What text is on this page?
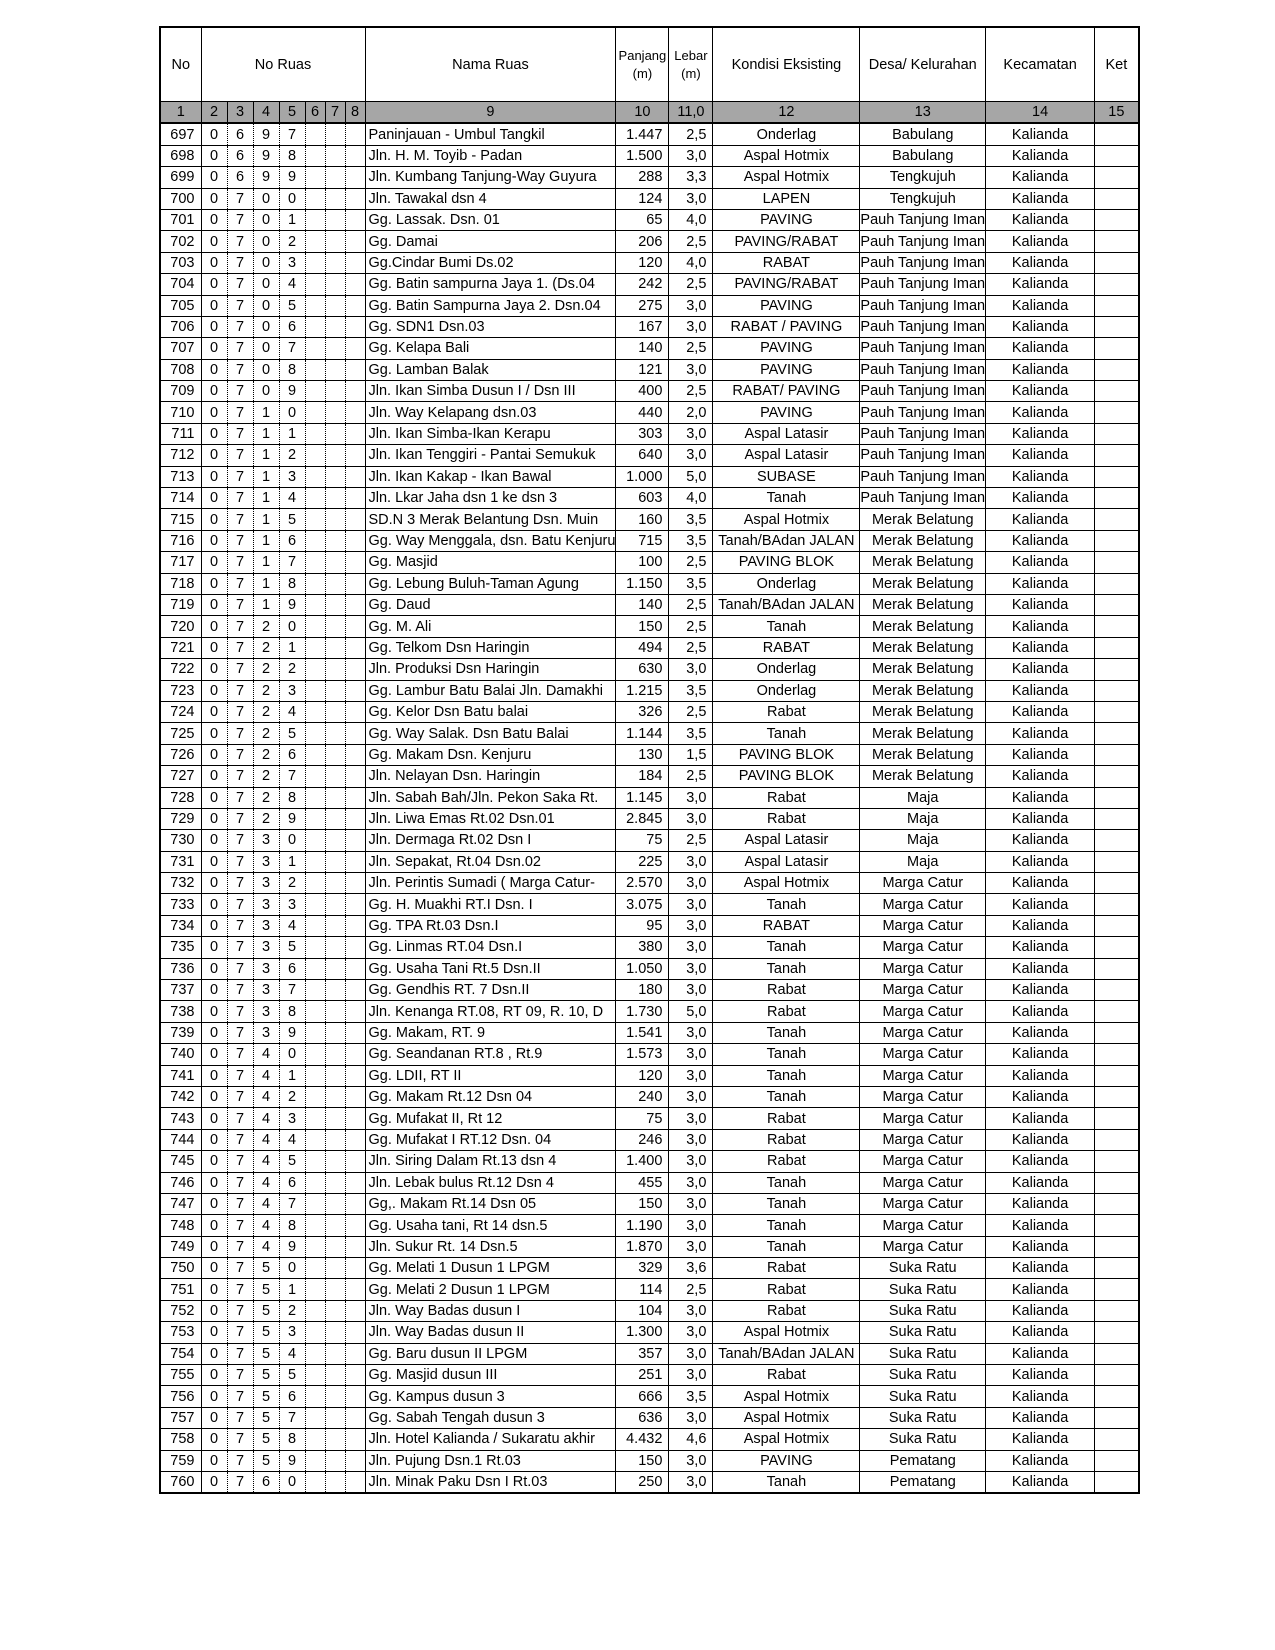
No	No Ruas							Nama Ruas	Panjang (m)	Lebar (m)	Kondisi Eksisting	Desa/ Kelurahan	Kecamatan	Ket
1	2	3	4	5	6	7	8	9	10	11,0	12	13	14	15
697	0	6	9	7				Paninjauan - Umbul Tangkil	1.447	2,5	Onderlag	Babulang	Kalianda	
698	0	6	9	8				Jln. H. M. Toyib - Padan	1.500	3,0	Aspal Hotmix	Babulang	Kalianda	
699	0	6	9	9				Jln. Kumbang Tanjung-Way Guyura	288	3,3	Aspal Hotmix	Tengkujuh	Kalianda	
700	0	7	0	0				Jln. Tawakal dsn 4	124	3,0	LAPEN	Tengkujuh	Kalianda	
701	0	7	0	1				Gg. Lassak. Dsn. 01	65	4,0	PAVING	Pauh Tanjung Iman	Kalianda	
702	0	7	0	2				Gg. Damai	206	2,5	PAVING/RABAT	Pauh Tanjung Iman	Kalianda	
703	0	7	0	3				Gg.Cindar Bumi Ds.02	120	4,0	RABAT	Pauh Tanjung Iman	Kalianda	
704	0	7	0	4				Gg. Batin sampurna Jaya 1. (Ds.04	242	2,5	PAVING/RABAT	Pauh Tanjung Iman	Kalianda	
705	0	7	0	5				Gg. Batin Sampurna Jaya 2. Dsn.04	275	3,0	PAVING	Pauh Tanjung Iman	Kalianda	
706	0	7	0	6				Gg. SDN1 Dsn.03	167	3,0	RABAT / PAVING	Pauh Tanjung Iman	Kalianda	
707	0	7	0	7				Gg. Kelapa Bali	140	2,5	PAVING	Pauh Tanjung Iman	Kalianda	
708	0	7	0	8				Gg. Lamban Balak	121	3,0	PAVING	Pauh Tanjung Iman	Kalianda	
709	0	7	0	9				Jln. Ikan Simba Dusun I / Dsn III	400	2,5	RABAT/ PAVING	Pauh Tanjung Iman	Kalianda	
710	0	7	1	0				Jln. Way Kelapang dsn.03	440	2,0	PAVING	Pauh Tanjung Iman	Kalianda	
711	0	7	1	1				Jln. Ikan Simba-Ikan Kerapu	303	3,0	Aspal Latasir	Pauh Tanjung Iman	Kalianda	
712	0	7	1	2				Jln. Ikan Tenggiri - Pantai Semukuk	640	3,0	Aspal Latasir	Pauh Tanjung Iman	Kalianda	
713	0	7	1	3				Jln. Ikan Kakap - Ikan Bawal	1.000	5,0	SUBASE	Pauh Tanjung Iman	Kalianda	
714	0	7	1	4				Jln. Lkar Jaha dsn 1 ke dsn 3	603	4,0	Tanah	Pauh Tanjung Iman	Kalianda	
715	0	7	1	5				SD.N 3 Merak Belantung Dsn. Muin	160	3,5	Aspal Hotmix	Merak Belatung	Kalianda	
716	0	7	1	6				Gg. Way Menggala, dsn. Batu Kenjuru	715	3,5	Tanah/BAdan JALAN	Merak Belatung	Kalianda	
717	0	7	1	7				Gg. Masjid	100	2,5	PAVING BLOK	Merak Belatung	Kalianda	
718	0	7	1	8				Gg. Lebung Buluh-Taman Agung	1.150	3,5	Onderlag	Merak Belatung	Kalianda	
719	0	7	1	9				Gg. Daud	140	2,5	Tanah/BAdan JALAN	Merak Belatung	Kalianda	
720	0	7	2	0				Gg. M. Ali	150	2,5	Tanah	Merak Belatung	Kalianda	
721	0	7	2	1				Gg. Telkom Dsn Haringin	494	2,5	RABAT	Merak Belatung	Kalianda	
722	0	7	2	2				Jln. Produksi Dsn Haringin	630	3,0	Onderlag	Merak Belatung	Kalianda	
723	0	7	2	3				Gg. Lambur Batu Balai Jln. Damakhi	1.215	3,5	Onderlag	Merak Belatung	Kalianda	
724	0	7	2	4				Gg. Kelor Dsn Batu balai	326	2,5	Rabat	Merak Belatung	Kalianda	
725	0	7	2	5				Gg. Way Salak. Dsn Batu Balai	1.144	3,5	Tanah	Merak Belatung	Kalianda	
726	0	7	2	6				Gg. Makam Dsn. Kenjuru	130	1,5	PAVING BLOK	Merak Belatung	Kalianda	
727	0	7	2	7				Jln. Nelayan Dsn. Haringin	184	2,5	PAVING BLOK	Merak Belatung	Kalianda	
728	0	7	2	8				Jln. Sabah Bah/Jln. Pekon Saka Rt.	1.145	3,0	Rabat	Maja	Kalianda	
729	0	7	2	9				Jln. Liwa Emas Rt.02 Dsn.01	2.845	3,0	Rabat	Maja	Kalianda	
730	0	7	3	0				Jln. Dermaga Rt.02 Dsn I	75	2,5	Aspal Latasir	Maja	Kalianda	
731	0	7	3	1				Jln. Sepakat, Rt.04 Dsn.02	225	3,0	Aspal Latasir	Maja	Kalianda	
732	0	7	3	2				Jln. Perintis Sumadi ( Marga Catur-	2.570	3,0	Aspal Hotmix	Marga Catur	Kalianda	
733	0	7	3	3				Gg. H. Muakhi RT.I Dsn. I	3.075	3,0	Tanah	Marga Catur	Kalianda	
734	0	7	3	4				Gg. TPA Rt.03 Dsn.I	95	3,0	RABAT	Marga Catur	Kalianda	
735	0	7	3	5				Gg. Linmas RT.04 Dsn.I	380	3,0	Tanah	Marga Catur	Kalianda	
736	0	7	3	6				Gg. Usaha Tani Rt.5 Dsn.II	1.050	3,0	Tanah	Marga Catur	Kalianda	
737	0	7	3	7				Gg. Gendhis RT. 7 Dsn.II	180	3,0	Rabat	Marga Catur	Kalianda	
738	0	7	3	8				Jln. Kenanga RT.08, RT 09, R. 10, D	1.730	5,0	Rabat	Marga Catur	Kalianda	
739	0	7	3	9				Gg. Makam, RT. 9	1.541	3,0	Tanah	Marga Catur	Kalianda	
740	0	7	4	0				Gg. Seandanan RT.8 , Rt.9	1.573	3,0	Tanah	Marga Catur	Kalianda	
741	0	7	4	1				Gg. LDII, RT II	120	3,0	Tanah	Marga Catur	Kalianda	
742	0	7	4	2				Gg. Makam Rt.12 Dsn 04	240	3,0	Tanah	Marga Catur	Kalianda	
743	0	7	4	3				Gg. Mufakat II, Rt 12	75	3,0	Rabat	Marga Catur	Kalianda	
744	0	7	4	4				Gg. Mufakat I RT.12 Dsn. 04	246	3,0	Rabat	Marga Catur	Kalianda	
745	0	7	4	5				Jln. Siring Dalam Rt.13 dsn 4	1.400	3,0	Rabat	Marga Catur	Kalianda	
746	0	7	4	6				Jln. Lebak bulus Rt.12 Dsn 4	455	3,0	Tanah	Marga Catur	Kalianda	
747	0	7	4	7				Gg,. Makam Rt.14 Dsn 05	150	3,0	Tanah	Marga Catur	Kalianda	
748	0	7	4	8				Gg. Usaha tani, Rt 14 dsn.5	1.190	3,0	Tanah	Marga Catur	Kalianda	
749	0	7	4	9				Jln. Sukur Rt. 14 Dsn.5	1.870	3,0	Tanah	Marga Catur	Kalianda	
750	0	7	5	0				Gg. Melati 1 Dusun 1 LPGM	329	3,6	Rabat	Suka Ratu	Kalianda	
751	0	7	5	1				Gg. Melati 2 Dusun 1 LPGM	114	2,5	Rabat	Suka Ratu	Kalianda	
752	0	7	5	2				Jln. Way Badas dusun I	104	3,0	Rabat	Suka Ratu	Kalianda	
753	0	7	5	3				Jln. Way Badas dusun II	1.300	3,0	Aspal Hotmix	Suka Ratu	Kalianda	
754	0	7	5	4				Gg. Baru dusun II LPGM	357	3,0	Tanah/BAdan JALAN	Suka Ratu	Kalianda	
755	0	7	5	5				Gg. Masjid dusun III	251	3,0	Rabat	Suka Ratu	Kalianda	
756	0	7	5	6				Gg. Kampus dusun 3	666	3,5	Aspal Hotmix	Suka Ratu	Kalianda	
757	0	7	5	7				Gg. Sabah Tengah dusun 3	636	3,0	Aspal Hotmix	Suka Ratu	Kalianda	
758	0	7	5	8				Jln. Hotel Kalianda / Sukaratu akhir	4.432	4,6	Aspal Hotmix	Suka Ratu	Kalianda	
759	0	7	5	9				Jln. Pujung Dsn.1 Rt.03	150	3,0	PAVING	Pematang	Kalianda	
760	0	7	6	0				Jln. Minak Paku Dsn I Rt.03	250	3,0	Tanah	Pematang	Kalianda	
